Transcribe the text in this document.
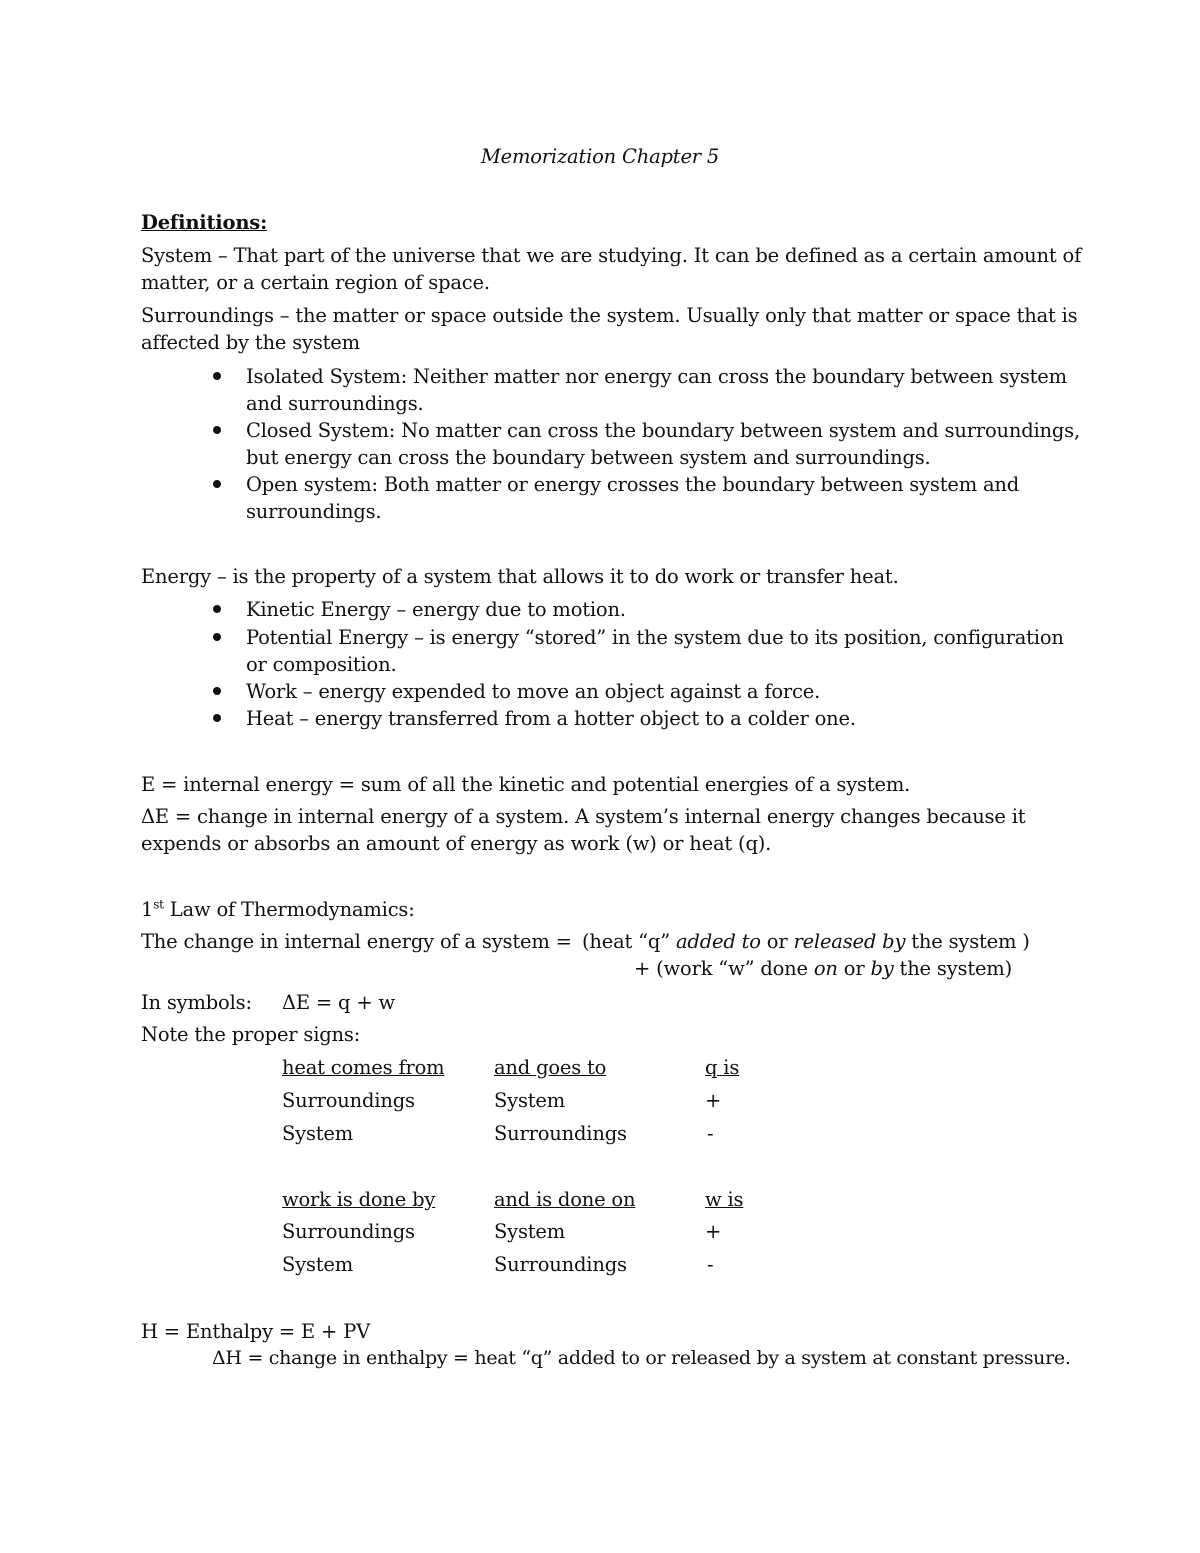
Memorization Chapter 5
Definitions:
System – That part of the universe that we are studying. It can be defined as a certain amount of
matter, or a certain region of space.
Surroundings – the matter or space outside the system. Usually only that matter or space that is
affected by the system
Isolated System: Neither matter nor energy can cross the boundary between system
and surroundings.
Closed System: No matter can cross the boundary between system and surroundings,
but energy can cross the boundary between system and surroundings.
Open system: Both matter or energy crosses the boundary between system and
surroundings.
Energy – is the property of a system that allows it to do work or transfer heat.
Kinetic Energy – energy due to motion.
Potential Energy – is energy “stored” in the system due to its position, configuration
or composition.
Work – energy expended to move an object against a force.
Heat – energy transferred from a hotter object to a colder one.
E = internal energy = sum of all the kinetic and potential energies of a system.
ΔE = change in internal energy of a system. A system’s internal energy changes because it
expends or absorbs an amount of energy as work (w) or heat (q).
1st Law of Thermodynamics:
The change in internal energy of a system = (heat “q” added to or released by the system )
+ (work “w” done on or by the system)
In symbols: ΔE = q + w
Note the proper signs:
heat comes from	and goes to	q is
Surroundings	System	+
System	Surroundings	-
work is done by	and is done on	w is
Surroundings	System	+
System	Surroundings	-
H = Enthalpy = E + PV
ΔH = change in enthalpy = heat “q” added to or released by a system at constant pressure.
